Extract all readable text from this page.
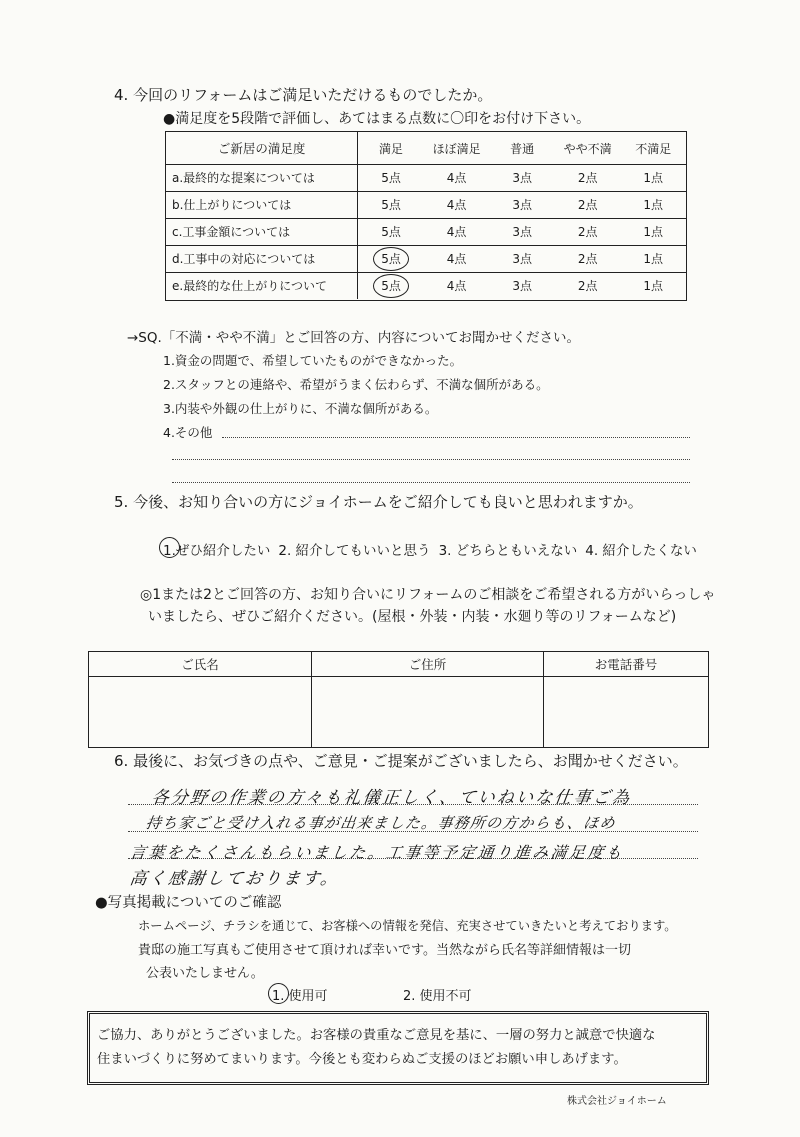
4. 今回のリフォームはご満足いただけるものでしたか。
●満足度を5段階で評価し、あてはまる点数に〇印をお付け下さい。
ご新居の満足度	満足	ほぼ満足	普通	やや不満	不満足
a.最終的な提案については	5点	4点	3点	2点	1点
b.仕上がりについては	5点	4点	3点	2点	1点
c.工事金額については	5点	4点	3点	2点	1点
d.工事中の対応については	5点	4点	3点	2点	1点
e.最終的な仕上がりについて	5点	4点	3点	2点	1点
→SQ.「不満・やや不満」とご回答の方、内容についてお聞かせください。
1.資金の問題で、希望していたものができなかった。
2.スタッフとの連絡や、希望がうまく伝わらず、不満な個所がある。
3.内装や外観の仕上がりに、不満な個所がある。
4.その他
5. 今後、お知り合いの方にジョイホームをご紹介しても良いと思われますか。
1.ぜひ紹介したい 2. 紹介してもいいと思う 3. どちらともいえない 4. 紹介したくない
◎1または2とご回答の方、お知り合いにリフォームのご相談をご希望される方がいらっしゃ
いましたら、ぜひご紹介ください。(屋根・外装・内装・水廻り等のリフォームなど)
ご氏名	ご住所	お電話番号
6. 最後に、お気づきの点や、ご意見・ご提案がございましたら、お聞かせください。
各分野の作業の方々も礼儀正しく、ていねいな仕事ご為
持ち家ごと受け入れる事が出来ました。事務所の方からも、ほめ
言葉をたくさんもらいました。工事等予定通り進み満足度も
高く感謝しております。
●写真掲載についてのご確認
ホームページ、チラシを通じて、お客様への情報を発信、充実させていきたいと考えております。
貴邸の施工写真もご使用させて頂ければ幸いです。当然ながら氏名等詳細情報は一切
公表いたしません。
1. 使用可	2. 使用不可
ご協力、ありがとうございました。お客様の貴重なご意見を基に、一層の努力と誠意で快適な
住まいづくりに努めてまいります。今後とも変わらぬご支援のほどお願い申しあげます。
株式会社ジョイホーム
